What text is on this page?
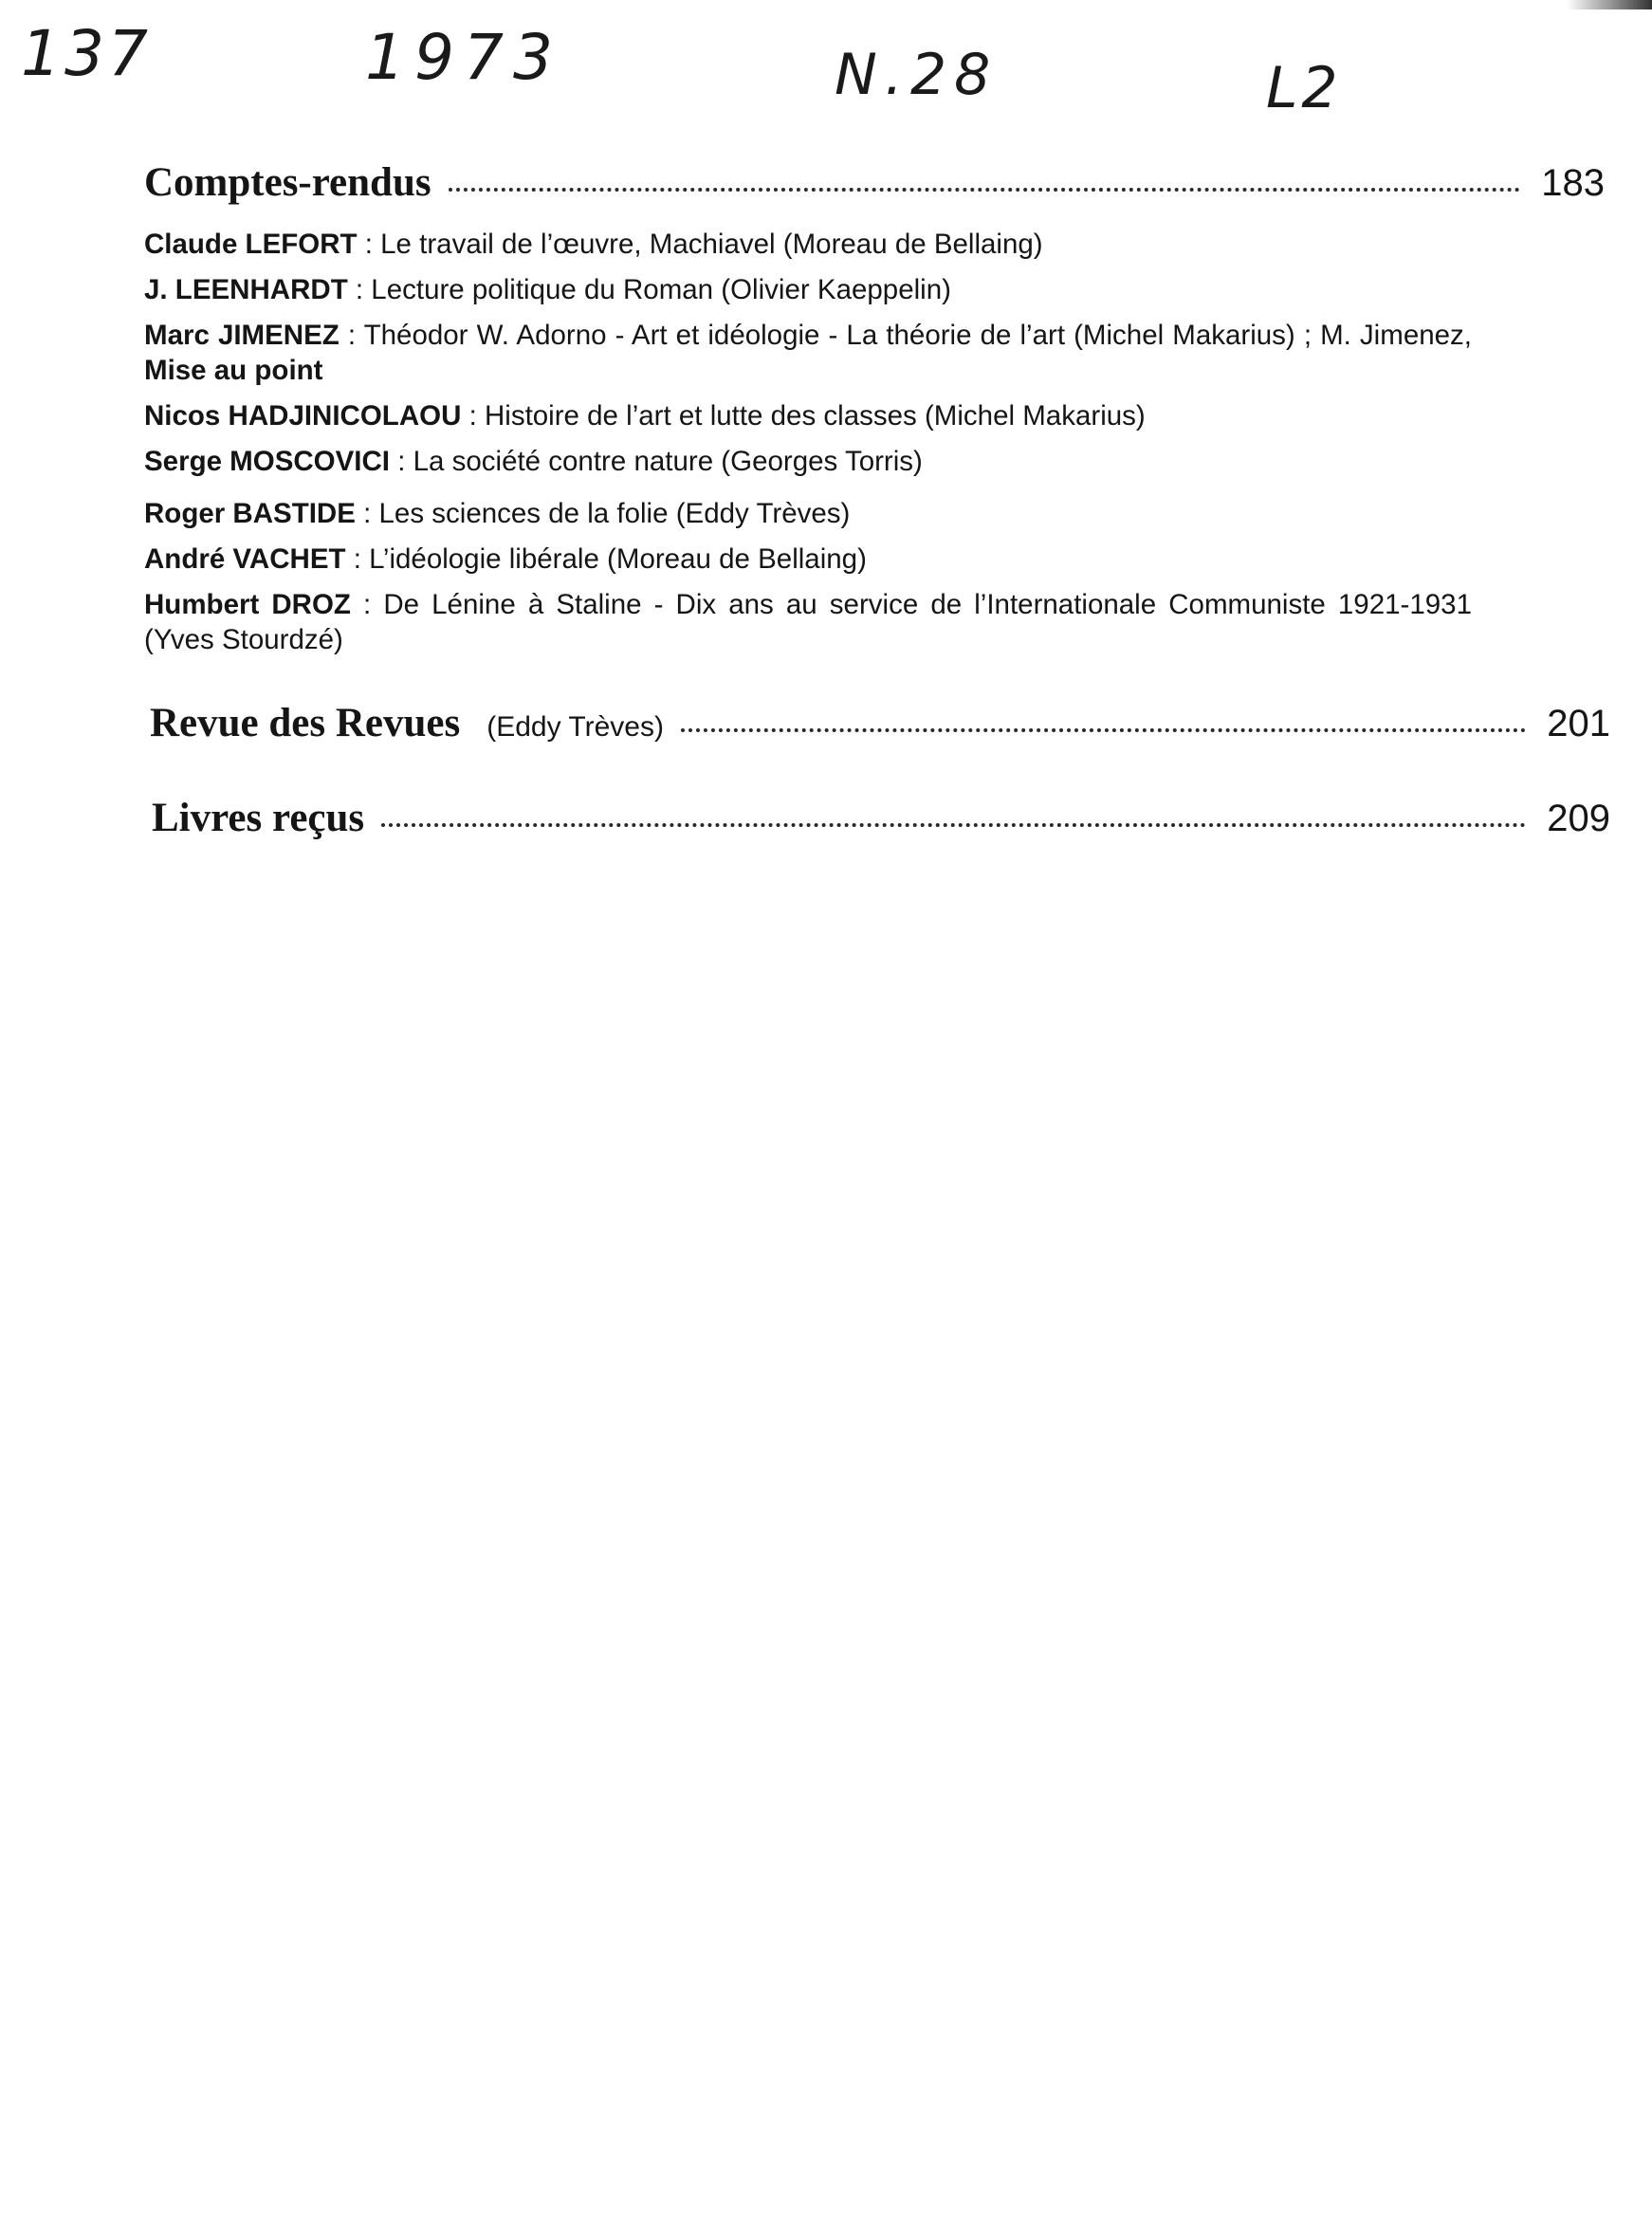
137	1973	N.28	L2
Comptes-rendus	183
Claude LEFORT : Le travail de l’œuvre, Machiavel (Moreau de Bellaing)
J. LEENHARDT : Lecture politique du Roman (Olivier Kaeppelin)
Marc JIMENEZ : Théodor W. Adorno - Art et idéologie - La théorie de l’art (Michel Makarius) ; M. Jimenez, Mise au point
Nicos HADJINICOLAOU : Histoire de l’art et lutte des classes (Michel Makarius)
Serge MOSCOVICI : La société contre nature (Georges Torris)
Roger BASTIDE : Les sciences de la folie (Eddy Trèves)
André VACHET : L’idéologie libérale (Moreau de Bellaing)
Humbert DROZ : De Lénine à Staline - Dix ans au service de l’Internationale Communiste 1921-1931 (Yves Stourdzé)
Revue des Revues (Eddy Trèves)	201
Livres reçus	209
